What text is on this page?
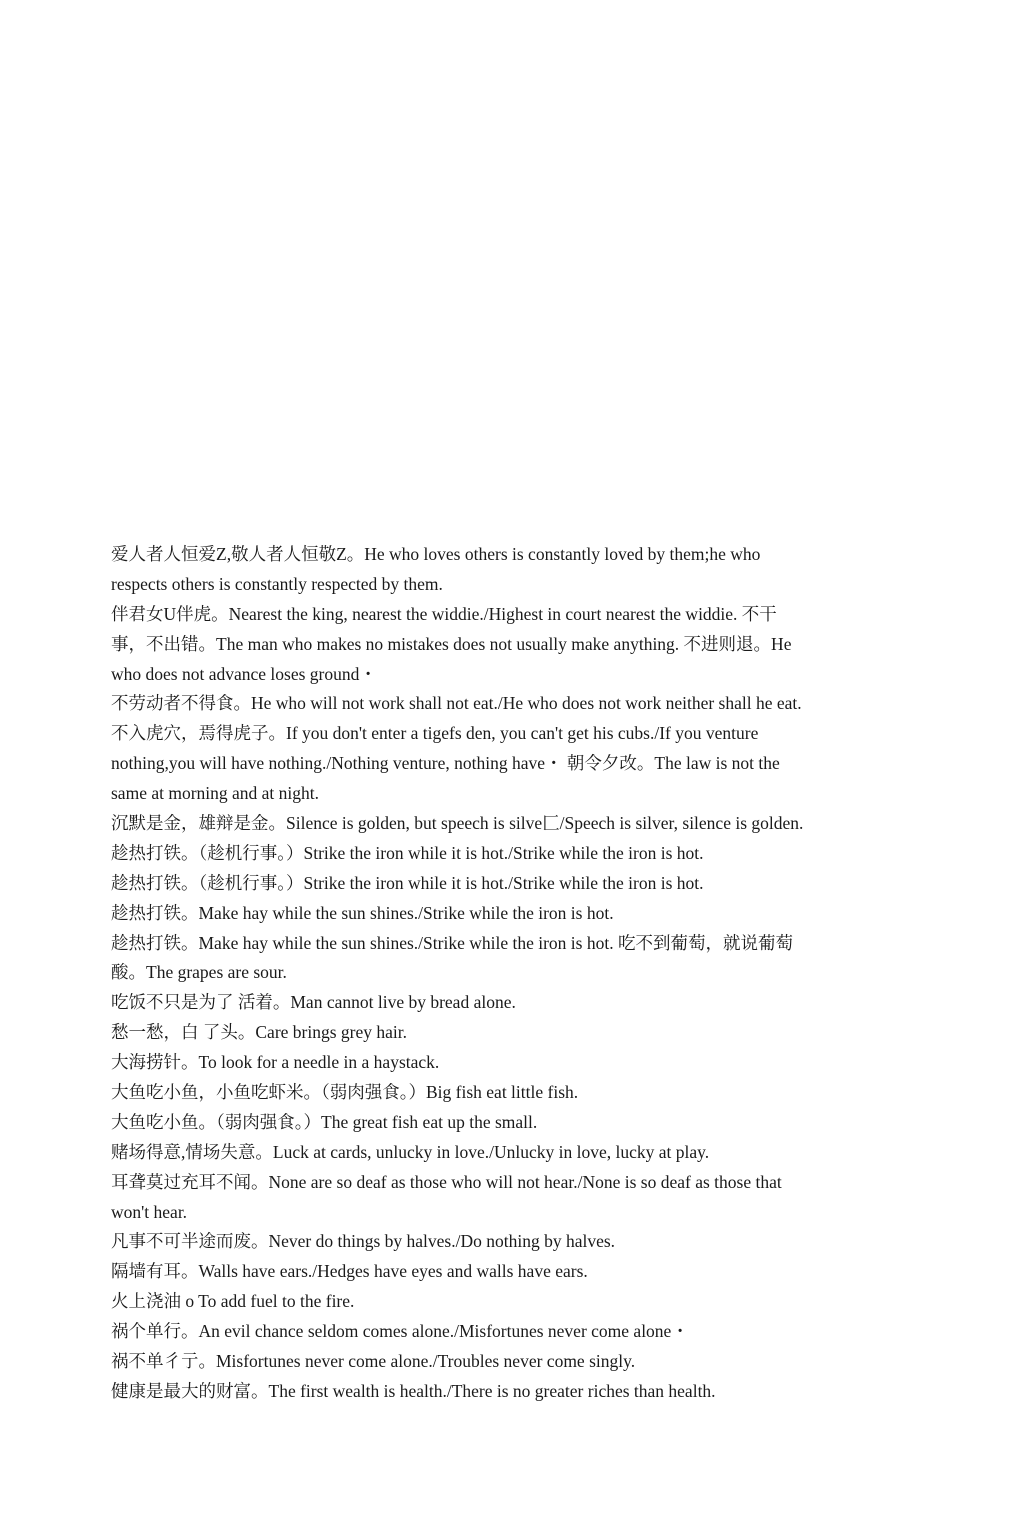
爱人者人恒爱Z,敬人者人恒敬Z。He who loves others is constantly loved by them;he who
respects others is constantly respected by them.
伴君女U伴虎。Nearest the king, nearest the widdie./Highest in court nearest the widdie. 不干
事，不出错。The man who makes no mistakes does not usually make anything. 不进则退。He
who does not advance loses ground・
不劳动者不得食。He who will not work shall not eat./He who does not work neither shall he eat.
不入虎穴，焉得虎子。If you don't enter a tigefs den, you can't get his cubs./If you venture
nothing,you will have nothing./Nothing venture, nothing have・ 朝令夕改。The law is not the
same at morning and at night.
沉默是金，雄辩是金。Silence is golden, but speech is silve匚/Speech is silver, silence is golden.
趁热打铁。（趁机行事。）Strike the iron while it is hot./Strike while the iron is hot.
趁热打铁。（趁机行事。）Strike the iron while it is hot./Strike while the iron is hot.
趁热打铁。Make hay while the sun shines./Strike while the iron is hot.
趁热打铁。Make hay while the sun shines./Strike while the iron is hot. 吃不到葡萄，就说葡萄
酸。The grapes are sour.
吃饭不只是为了 活着。Man cannot live by bread alone.
愁一愁，白 了头。Care brings grey hair.
大海捞针。To look for a needle in a haystack.
大鱼吃小鱼，小鱼吃虾米。（弱肉强食。）Big fish eat little fish.
大鱼吃小鱼。（弱肉强食。）The great fish eat up the small.
赌场得意,情场失意。Luck at cards, unlucky in love./Unlucky in love, lucky at play.
耳聋莫过充耳不闻。None are so deaf as those who will not hear./None is so deaf as those that
won't hear.
凡事不可半途而废。Never do things by halves./Do nothing by halves.
隔墙有耳。Walls have ears./Hedges have eyes and walls have ears.
火上浇油 o To add fuel to the fire.
祸个单行。An evil chance seldom comes alone./Misfortunes never come alone・
祸不单彳亍。Misfortunes never come alone./Troubles never come singly.
健康是最大的财富。The first wealth is health./There is no greater riches than health.
